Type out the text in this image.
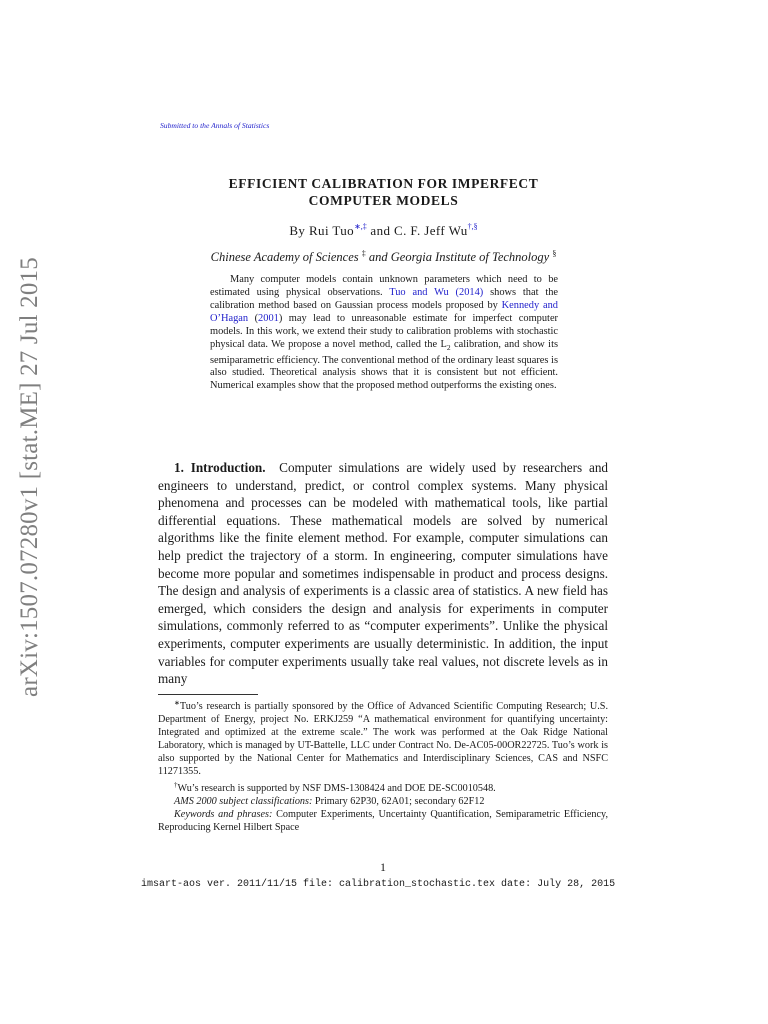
arXiv:1507.07280v1 [stat.ME] 27 Jul 2015
Submitted to the Annals of Statistics
EFFICIENT CALIBRATION FOR IMPERFECT
COMPUTER MODELS
By Rui Tuo∗,‡ and C. F. Jeff Wu†,§
Chinese Academy of Sciences ‡ and Georgia Institute of Technology §
Many computer models contain unknown parameters which need to be estimated using physical observations. Tuo and Wu (2014) shows that the calibration method based on Gaussian process models proposed by Kennedy and O’Hagan (2001) may lead to unreasonable estimate for imperfect computer models. In this work, we extend their study to calibration problems with stochastic physical data. We propose a novel method, called the $L_2$ calibration, and show its semiparametric efficiency. The conventional method of the ordinary least squares is also studied. Theoretical analysis shows that it is consistent but not efficient. Numerical examples show that the proposed method outperforms the existing ones.
1. Introduction. Computer simulations are widely used by researchers and engineers to understand, predict, or control complex systems. Many physical phenomena and processes can be modeled with mathematical tools, like partial differential equations. These mathematical models are solved by numerical algorithms like the finite element method. For example, computer simulations can help predict the trajectory of a storm. In engineering, computer simulations have become more popular and sometimes indispensable in product and process designs. The design and analysis of experiments is a classic area of statistics. A new field has emerged, which considers the design and analysis for experiments in computer simulations, commonly referred to as “computer experiments”. Unlike the physical experiments, computer experiments are usually deterministic. In addition, the input variables for computer experiments usually take real values, not discrete levels as in many

∗Tuo’s research is partially sponsored by the Office of Advanced Scientific Computing Research; U.S. Department of Energy, project No. ERKJ259 “A mathematical environment for quantifying uncertainty: Integrated and optimized at the extreme scale.” The work was performed at the Oak Ridge National Laboratory, which is managed by UT-Battelle, LLC under Contract No. De-AC05-00OR22725. Tuo’s work is also supported by the National Center for Mathematics and Interdisciplinary Sciences, CAS and NSFC 11271355.

†Wu’s research is supported by NSF DMS-1308424 and DOE DE-SC0010548.

AMS 2000 subject classifications: Primary 62P30, 62A01; secondary 62F12

Keywords and phrases: Computer Experiments, Uncertainty Quantification, Semiparametric Efficiency, Reproducing Kernel Hilbert Space

1
imsart-aos ver. 2011/11/15 file: calibration_stochastic.tex date: July 28, 2015
